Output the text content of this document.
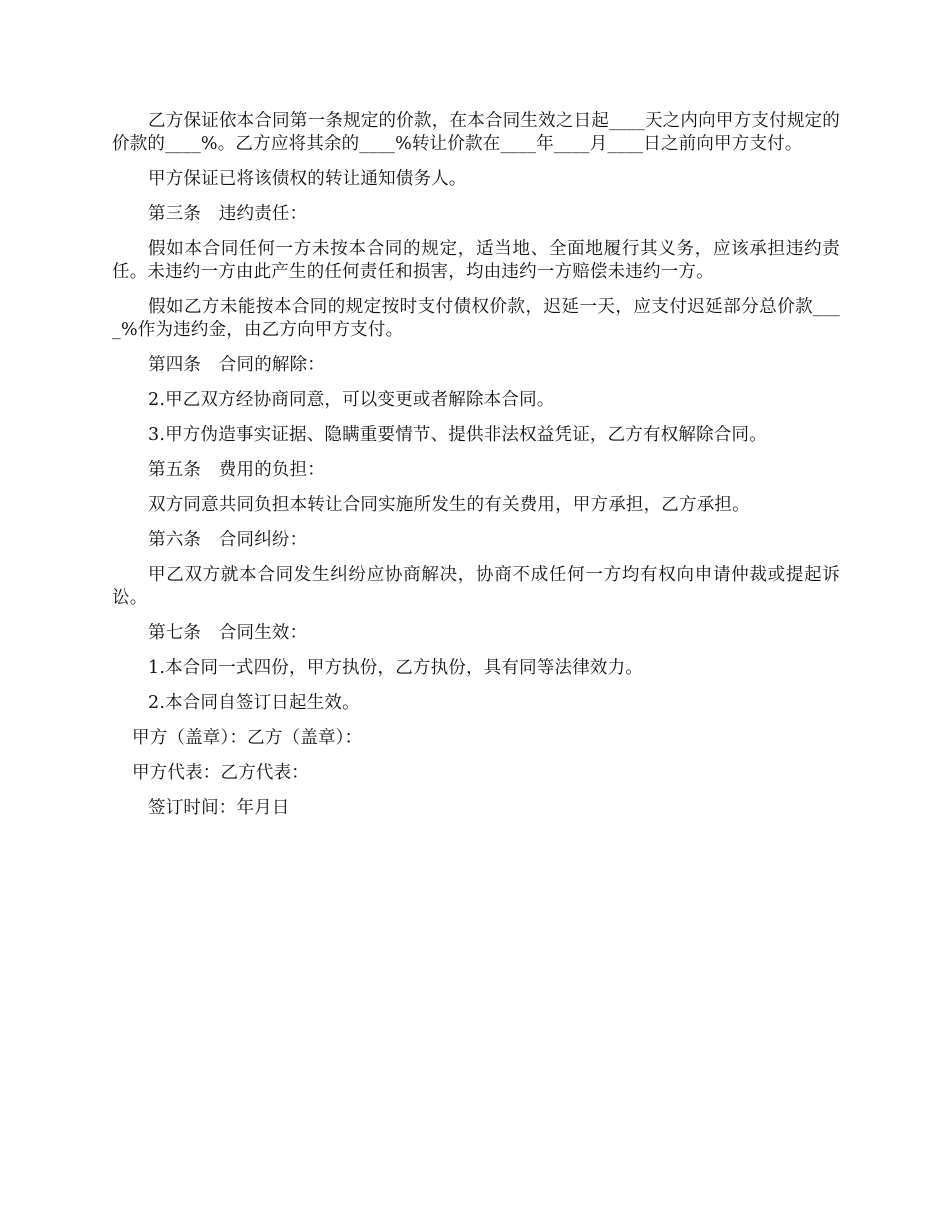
乙方保证依本合同第一条规定的价款，在本合同生效之日起____天之内向甲方支付规定的价款的____%。乙方应将其余的____%转让价款在____年____月____日之前向甲方支付。

甲方保证已将该债权的转让通知债务人。

第三条　违约责任：

假如本合同任何一方未按本合同的规定，适当地、全面地履行其义务，应该承担违约责任。未违约一方由此产生的任何责任和损害，均由违约一方赔偿未违约一方。

假如乙方未能按本合同的规定按时支付债权价款，迟延一天，应支付迟延部分总价款____%作为违约金，由乙方向甲方支付。

第四条　合同的解除：

2.甲乙双方经协商同意，可以变更或者解除本合同。

3.甲方伪造事实证据、隐瞒重要情节、提供非法权益凭证，乙方有权解除合同。

第五条　费用的负担：

双方同意共同负担本转让合同实施所发生的有关费用，甲方承担，乙方承担。

第六条　合同纠纷：

甲乙双方就本合同发生纠纷应协商解决，协商不成任何一方均有权向申请仲裁或提起诉讼。

第七条　合同生效：

1.本合同一式四份，甲方执份，乙方执份，具有同等法律效力。

2.本合同自签订日起生效。

甲方（盖章）：乙方（盖章）：

甲方代表：乙方代表：

签订时间：年月日
